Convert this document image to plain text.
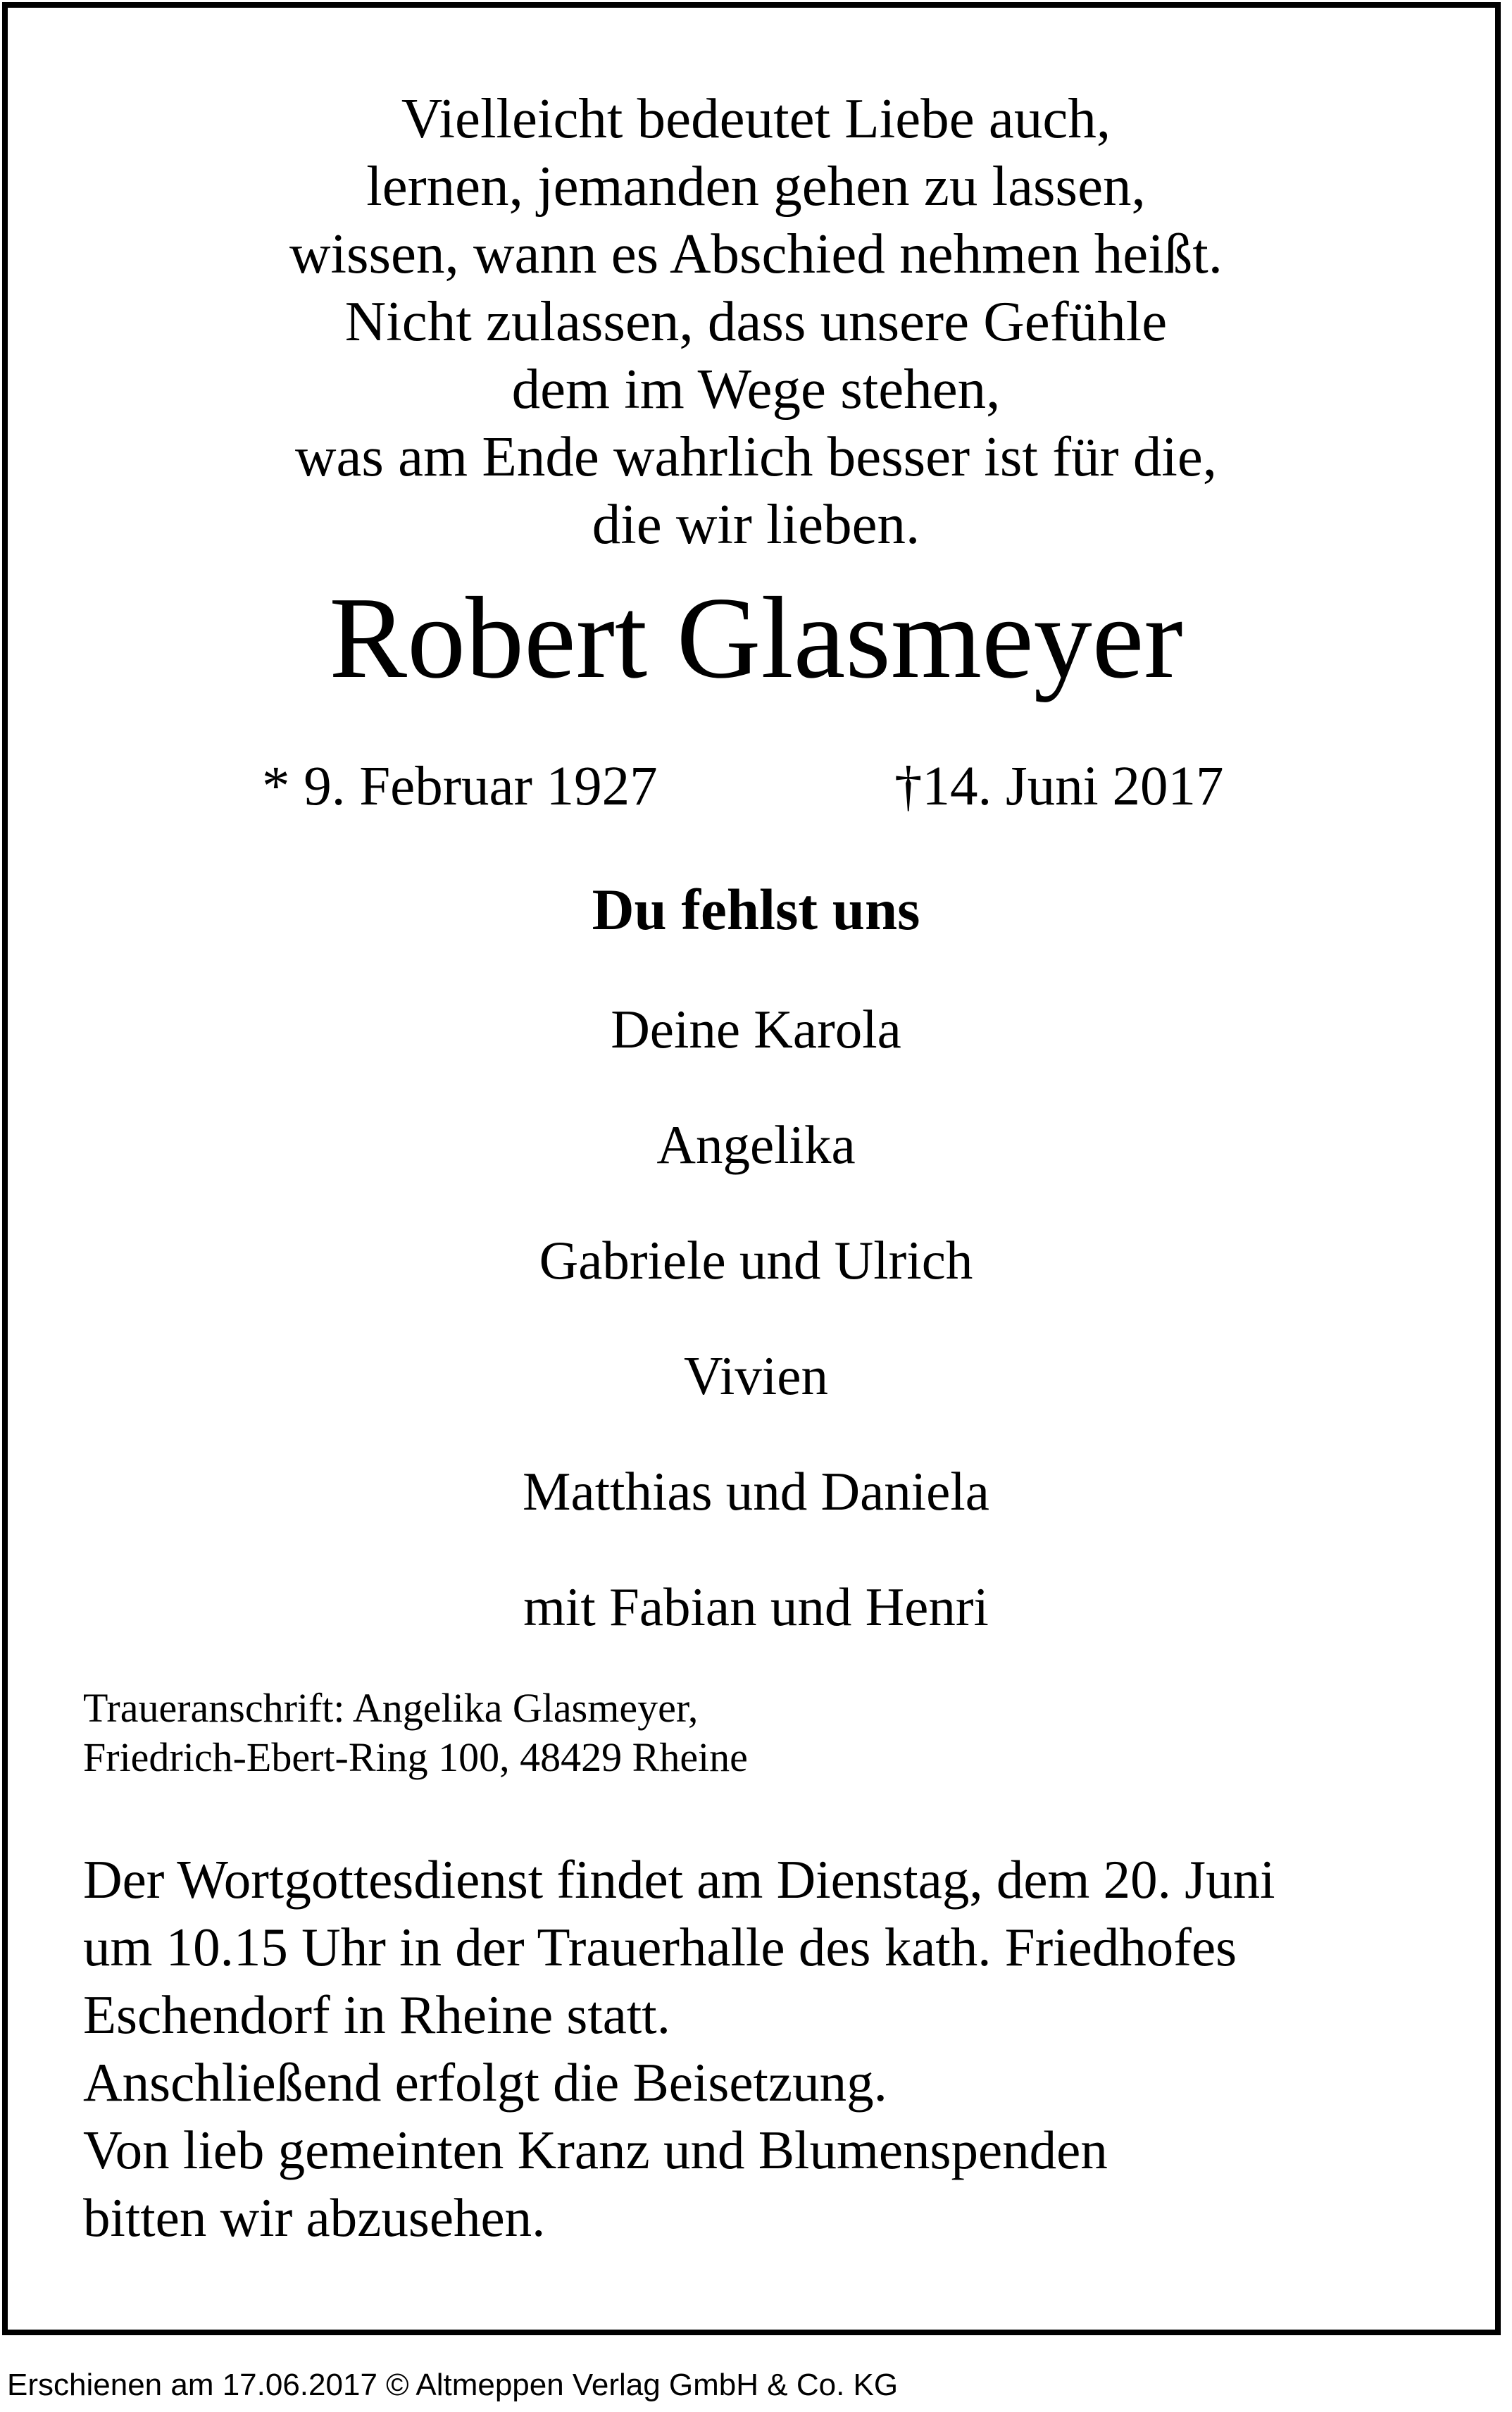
Vielleicht bedeutet Liebe auch,
lernen, jemanden gehen zu lassen,
wissen, wann es Abschied nehmen heißt.
Nicht zulassen, dass unsere Gefühle
dem im Wege stehen,
was am Ende wahrlich besser ist für die,
die wir lieben.
Robert Glasmeyer
* 9. Februar 1927	†14. Juni 2017
Du fehlst uns
Deine Karola
Angelika
Gabriele und Ulrich
Vivien
Matthias und Daniela
mit Fabian und Henri
Traueranschrift: Angelika Glasmeyer,
Friedrich-Ebert-Ring 100, 48429 Rheine
Der Wortgottesdienst findet am Dienstag, dem 20. Juni
um 10.15 Uhr in der Trauerhalle des kath. Friedhofes
Eschendorf in Rheine statt.
Anschließend erfolgt die Beisetzung.
Von lieb gemeinten Kranz und Blumenspenden
bitten wir abzusehen.
Erschienen am 17.06.2017 © Altmeppen Verlag GmbH & Co. KG
